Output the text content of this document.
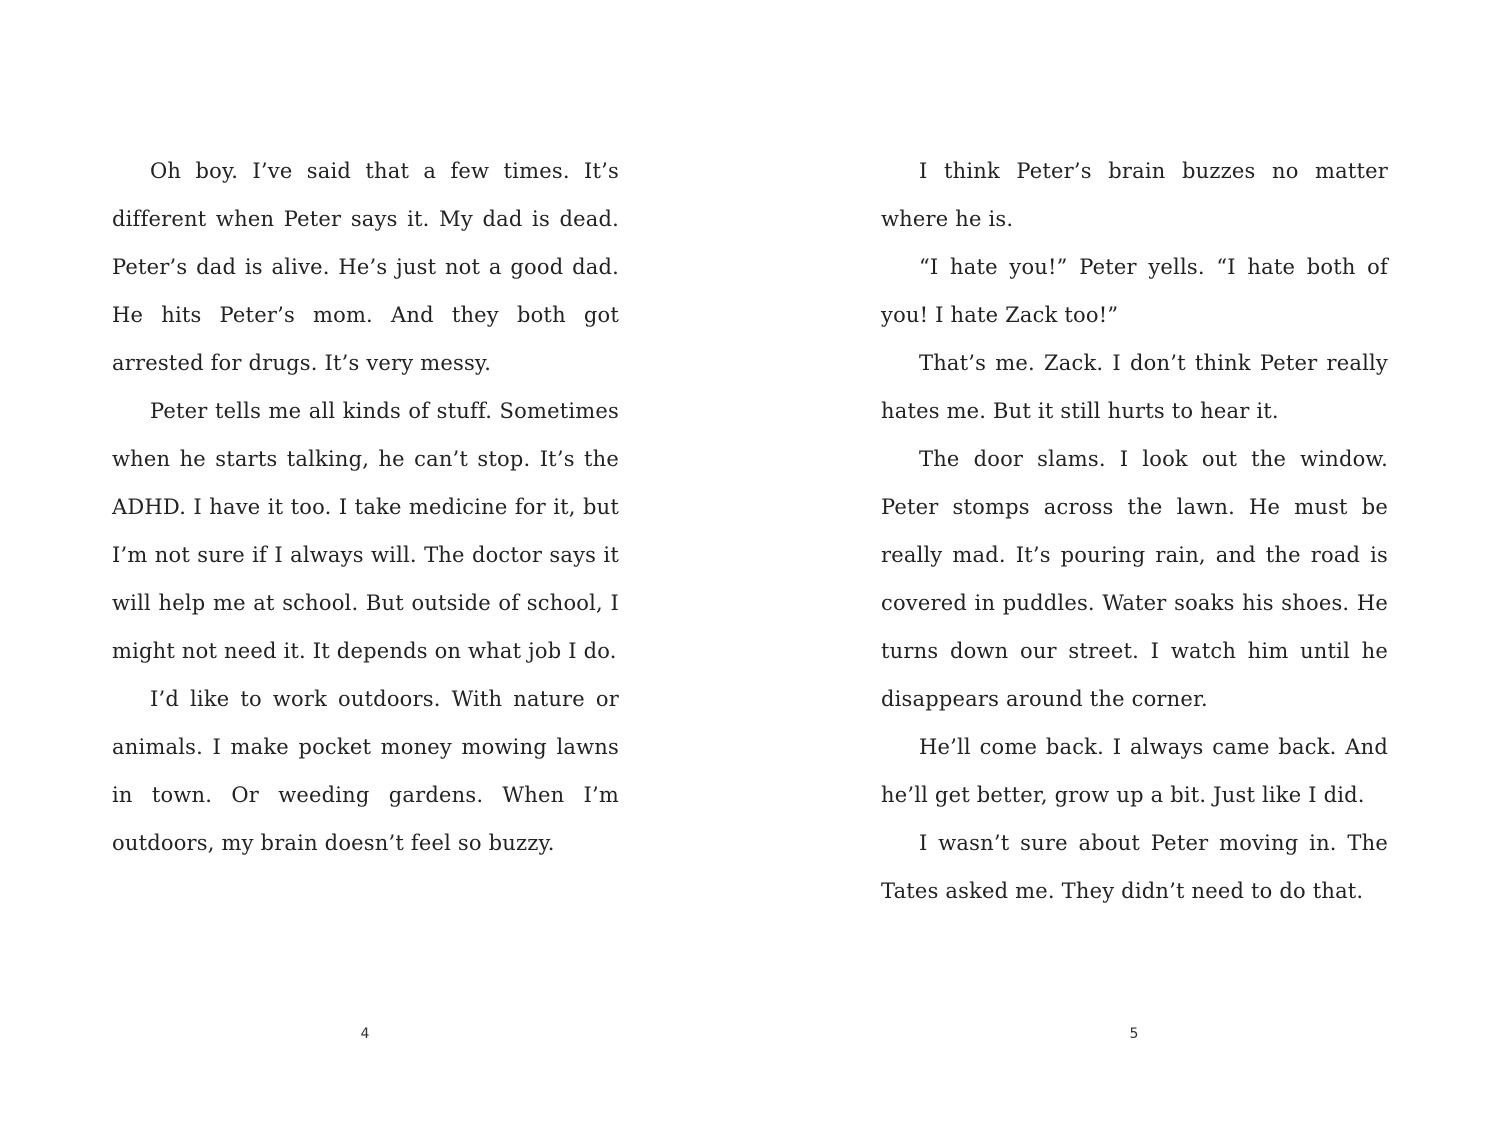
Oh boy. I’ve said that a few times. It’s different when Peter says it. My dad is dead. Peter’s dad is alive. He’s just not a good dad. He hits Peter’s mom. And they both got arrested for drugs. It’s very messy.

Peter tells me all kinds of stuff. Sometimes when he starts talking, he can’t stop. It’s the ADHD. I have it too. I take medicine for it, but I’m not sure if I always will. The doctor says it will help me at school. But outside of school, I might not need it. It depends on what job I do.

I’d like to work outdoors. With nature or animals. I make pocket money mowing lawns in town. Or weeding gardens. When I’m outdoors, my brain doesn’t feel so buzzy.

4

I think Peter’s brain buzzes no matter where he is.

“I hate you!” Peter yells. “I hate both of you! I hate Zack too!”

That’s me. Zack. I don’t think Peter really hates me. But it still hurts to hear it.

The door slams. I look out the window. Peter stomps across the lawn. He must be really mad. It’s pouring rain, and the road is covered in puddles. Water soaks his shoes. He turns down our street. I watch him until he disappears around the corner.

He’ll come back. I always came back. And he’ll get better, grow up a bit. Just like I did.

I wasn’t sure about Peter moving in. The Tates asked me. They didn’t need to do that.

5
